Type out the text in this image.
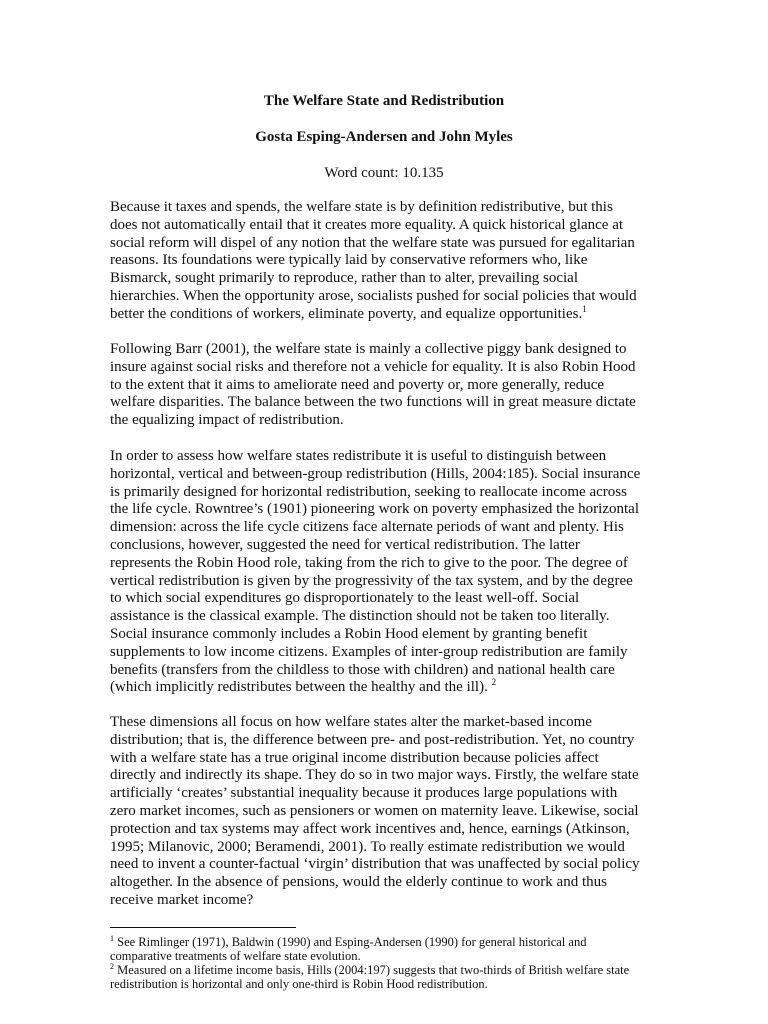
The Welfare State and Redistribution
Gosta Esping-Andersen and John Myles
Word count: 10.135
Because it taxes and spends, the welfare state is by definition redistributive, but this
does not automatically entail that it creates more equality. A quick historical glance at
social reform will dispel of any notion that the welfare state was pursued for egalitarian
reasons. Its foundations were typically laid by conservative reformers who, like
Bismarck, sought primarily to reproduce, rather than to alter, prevailing social
hierarchies. When the opportunity arose, socialists pushed for social policies that would
better the conditions of workers, eliminate poverty, and equalize opportunities.$^1$
Following Barr (2001), the welfare state is mainly a collective piggy bank designed to
insure against social risks and therefore not a vehicle for equality. It is also Robin Hood
to the extent that it aims to ameliorate need and poverty or, more generally, reduce
welfare disparities. The balance between the two functions will in great measure dictate
the equalizing impact of redistribution.
In order to assess how welfare states redistribute it is useful to distinguish between
horizontal, vertical and between-group redistribution (Hills, 2004:185). Social insurance
is primarily designed for horizontal redistribution, seeking to reallocate income across
the life cycle. Rowntree’s (1901) pioneering work on poverty emphasized the horizontal
dimension: across the life cycle citizens face alternate periods of want and plenty. His
conclusions, however, suggested the need for vertical redistribution. The latter
represents the Robin Hood role, taking from the rich to give to the poor. The degree of
vertical redistribution is given by the progressivity of the tax system, and by the degree
to which social expenditures go disproportionately to the least well-off. Social
assistance is the classical example. The distinction should not be taken too literally.
Social insurance commonly includes a Robin Hood element by granting benefit
supplements to low income citizens. Examples of inter-group redistribution are family
benefits (transfers from the childless to those with children) and national health care
(which implicitly redistributes between the healthy and the ill). $^2$
These dimensions all focus on how welfare states alter the market-based income
distribution; that is, the difference between pre- and post-redistribution. Yet, no country
with a welfare state has a true original income distribution because policies affect
directly and indirectly its shape. They do so in two major ways. Firstly, the welfare state
artificially ‘creates’ substantial inequality because it produces large populations with
zero market incomes, such as pensioners or women on maternity leave. Likewise, social
protection and tax systems may affect work incentives and, hence, earnings (Atkinson,
1995; Milanovic, 2000; Beramendi, 2001). To really estimate redistribution we would
need to invent a counter-factual ‘virgin’ distribution that was unaffected by social policy
altogether. In the absence of pensions, would the elderly continue to work and thus
receive market income?
$^1$ See Rimlinger (1971), Baldwin (1990) and Esping-Andersen (1990) for general historical and
comparative treatments of welfare state evolution.
$^2$ Measured on a lifetime income basis, Hills (2004:197) suggests that two-thirds of British welfare state
redistribution is horizontal and only one-third is Robin Hood redistribution.
